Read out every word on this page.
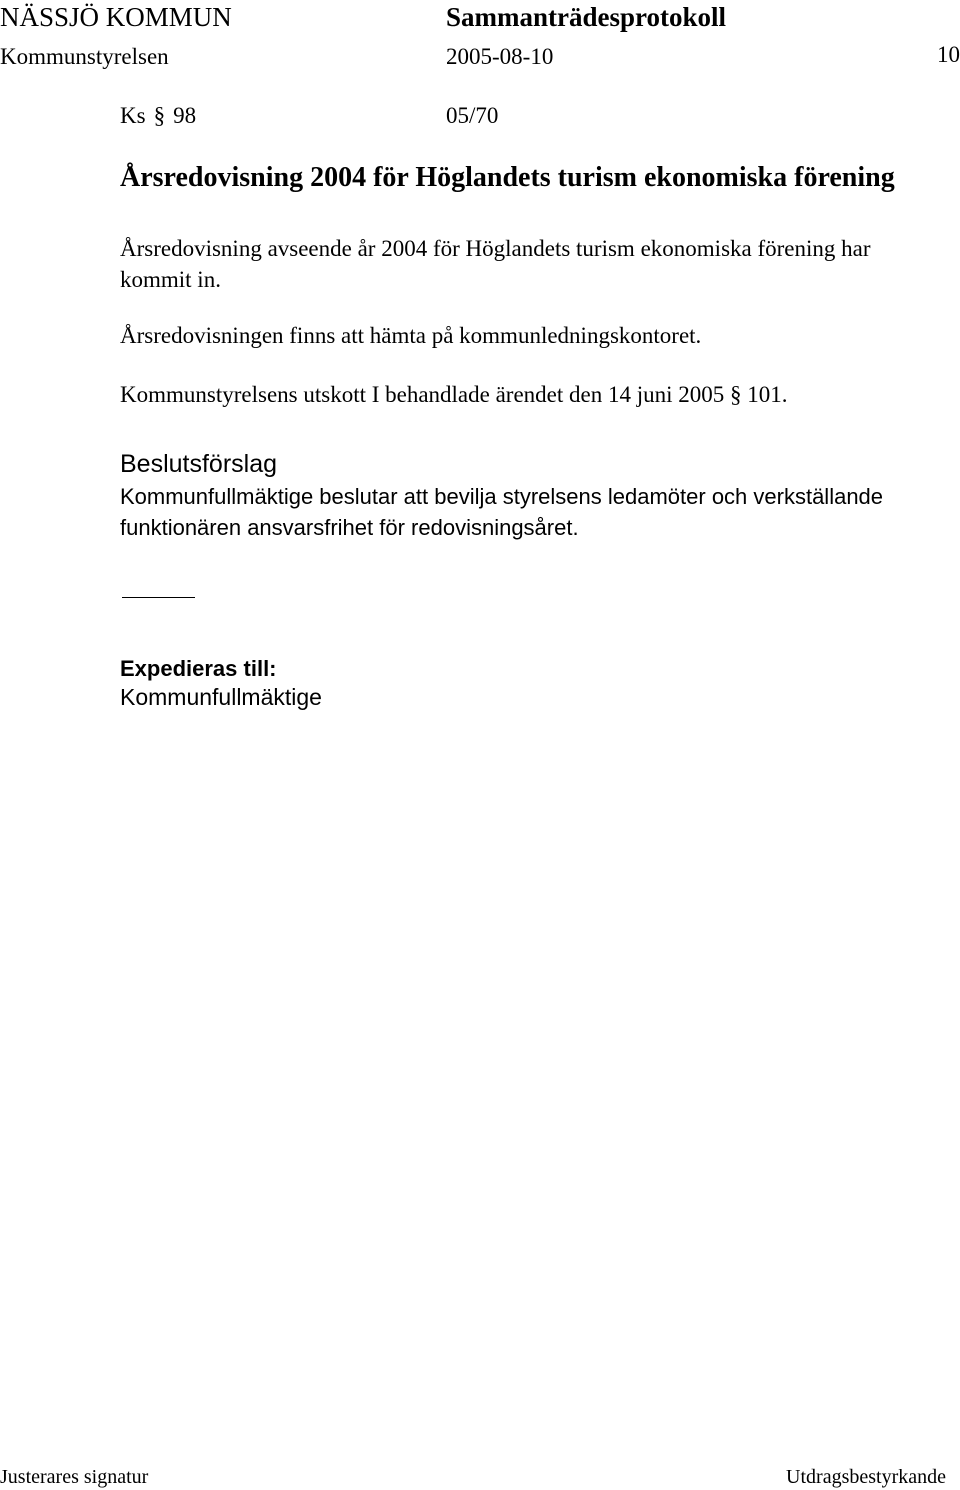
NÄSSJÖ KOMMUN	Sammanträdesprotokoll
Kommunstyrelsen	2005-08-10	10
Ks § 98	05/70
Årsredovisning 2004 för Höglandets turism ekonomiska förening
Årsredovisning avseende år 2004 för Höglandets turism ekonomiska förening har kommit in.
Årsredovisningen finns att hämta på kommunledningskontoret.
Kommunstyrelsens utskott I behandlade ärendet den 14 juni 2005 § 101.
Beslutsförslag
Kommunfullmäktige beslutar att bevilja styrelsens ledamöter och verkställande funktionären ansvarsfrihet för redovisningsåret.
Expedieras till:
Kommunfullmäktige
Justerares signatur	Utdragsbestyrkande
